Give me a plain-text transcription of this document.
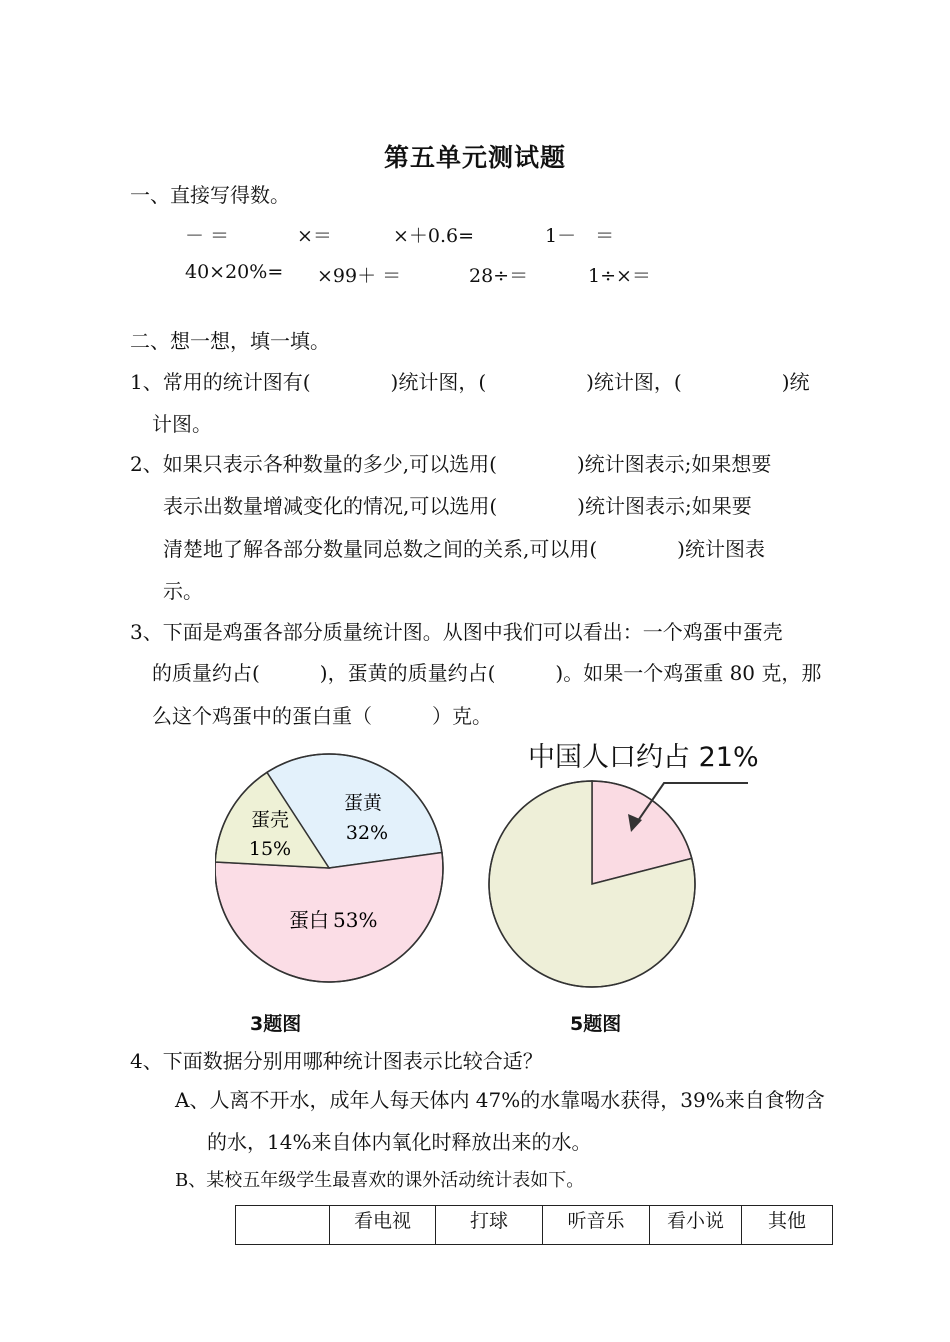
第五单元测试题
一、直接写得数。
－ ＝	×＝	×＋0.6=	1－　＝
40×20%= ×99＋ ＝	28÷＝	1÷×＝
二、想一想，填一填。
1、常用的统计图有(　　　　)统计图，(　　　　　)统计图，(　　　　　)统
计图。
2、如果只表示各种数量的多少,可以选用(　　　　)统计图表示;如果想要
表示出数量增减变化的情况,可以选用(　　　　)统计图表示;如果要
清楚地了解各部分数量同总数之间的关系,可以用(　　　　)统计图表
示。
3、下面是鸡蛋各部分质量统计图。从图中我们可以看出：一个鸡蛋中蛋壳
的质量约占(　　　)，蛋黄的质量约占(　　　)。如果一个鸡蛋重 80 克，那
么这个鸡蛋中的蛋白重（　　　）克。
蛋黄
32%
蛋壳
15%
蛋白 53%
中国人口约占 21%
3题图	5题图
4、下面数据分别用哪种统计图表示比较合适？
A、人离不开水，成年人每天体内 47%的水靠喝水获得，39%来自食物含
的水，14%来自体内氧化时释放出来的水。
B、某校五年级学生最喜欢的课外活动统计表如下。
	看电视	打球	听音乐	看小说	其他
